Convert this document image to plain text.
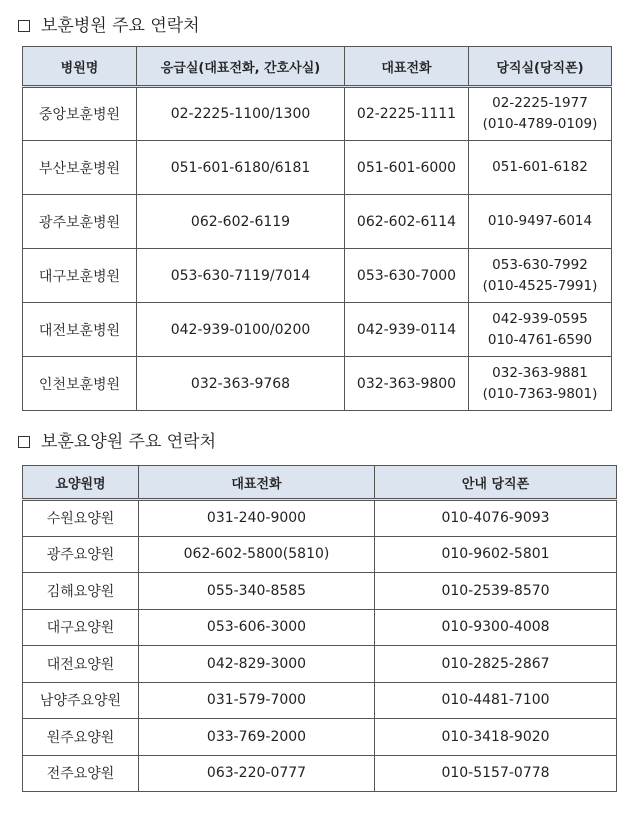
보훈병원 주요 연락처
병원명	응급실(대표전화, 간호사실)	대표전화	당직실(당직폰)
중앙보훈병원	02-2225-1100/1300	02-2225-1111	02-2225-1977
(010-4789-0109)

부산보훈병원	051-601-6180/6181	051-601-6000	051-601-6182

광주보훈병원	062-602-6119	062-602-6114	010-9497-6014

대구보훈병원	053-630-7119/7014	053-630-7000	053-630-7992
(010-4525-7991)

대전보훈병원	042-939-0100/0200	042-939-0114	042-939-0595
010-4761-6590

인천보훈병원	032-363-9768	032-363-9800	032-363-9881
(010-7363-9801)
보훈요양원 주요 연락처
요양원명	대표전화	안내 당직폰
수원요양원	031-240-9000	010-4076-9093
광주요양원	062-602-5800(5810)	010-9602-5801
김해요양원	055-340-8585	010-2539-8570
대구요양원	053-606-3000	010-9300-4008
대전요양원	042-829-3000	010-2825-2867
남양주요양원	031-579-7000	010-4481-7100
원주요양원	033-769-2000	010-3418-9020
전주요양원	063-220-0777	010-5157-0778
